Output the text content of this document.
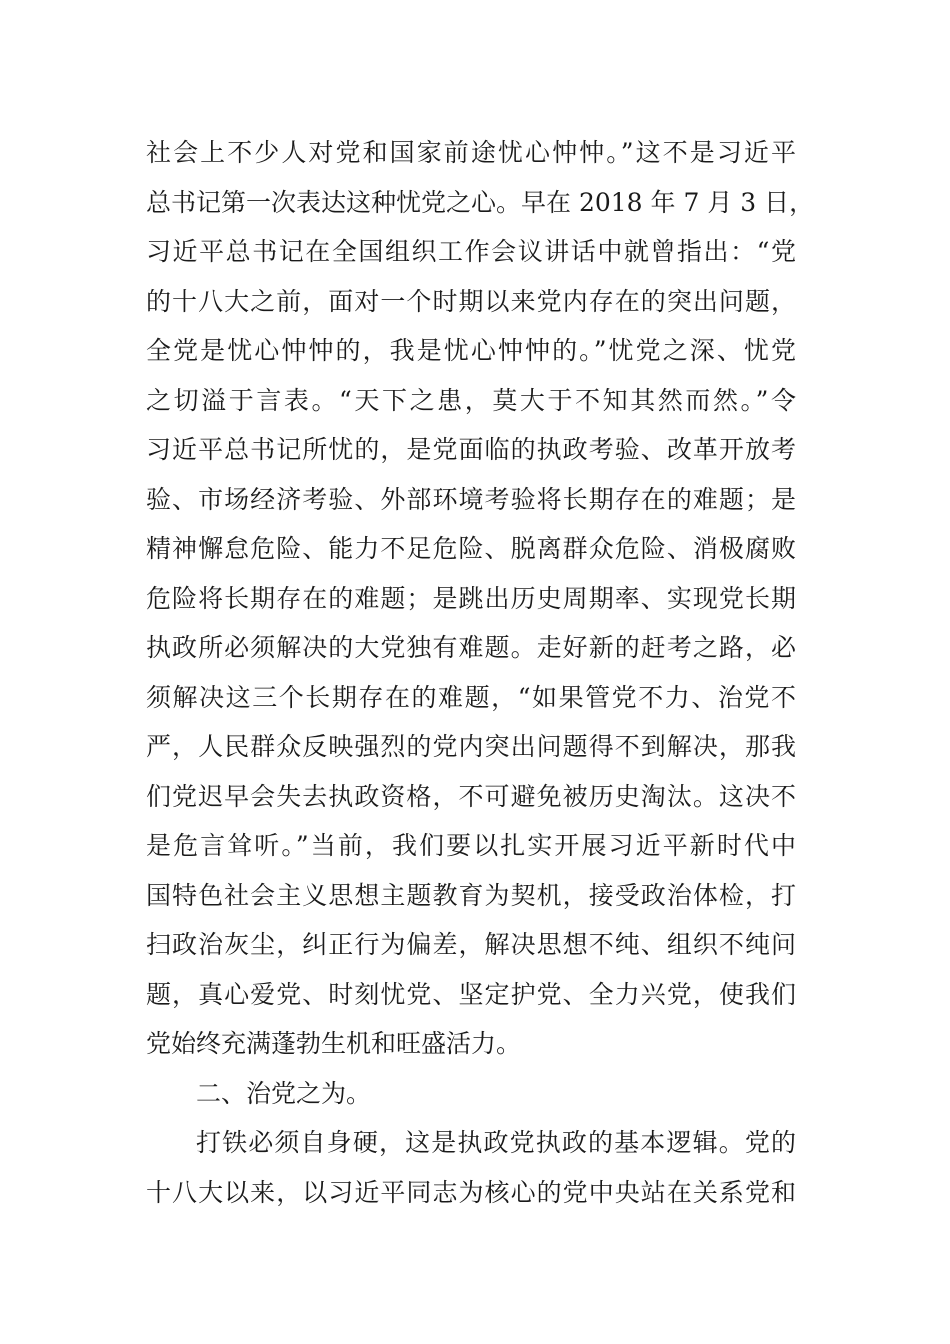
社会上不少人对党和国家前途忧心忡忡。”这不是习近平
总书记第一次表达这种忧党之心。早在 2018 年 7 月 3 日，
习近平总书记在全国组织工作会议讲话中就曾指出：“党
的十八大之前，面对一个时期以来党内存在的突出问题，
全党是忧心忡忡的，我是忧心忡忡的。”忧党之深、忧党
之切溢于言表。“天下之患，莫大于不知其然而然。”令
习近平总书记所忧的，是党面临的执政考验、改革开放考
验、市场经济考验、外部环境考验将长期存在的难题；是
精神懈怠危险、能力不足危险、脱离群众危险、消极腐败
危险将长期存在的难题；是跳出历史周期率、实现党长期
执政所必须解决的大党独有难题。走好新的赶考之路，必
须解决这三个长期存在的难题，“如果管党不力、治党不
严，人民群众反映强烈的党内突出问题得不到解决，那我
们党迟早会失去执政资格，不可避免被历史淘汰。这决不
是危言耸听。”当前，我们要以扎实开展习近平新时代中
国特色社会主义思想主题教育为契机，接受政治体检，打
扫政治灰尘，纠正行为偏差，解决思想不纯、组织不纯问
题，真心爱党、时刻忧党、坚定护党、全力兴党，使我们
党始终充满蓬勃生机和旺盛活力。
二、治党之为。
打铁必须自身硬，这是执政党执政的基本逻辑。党的
十八大以来，以习近平同志为核心的党中央站在关系党和
